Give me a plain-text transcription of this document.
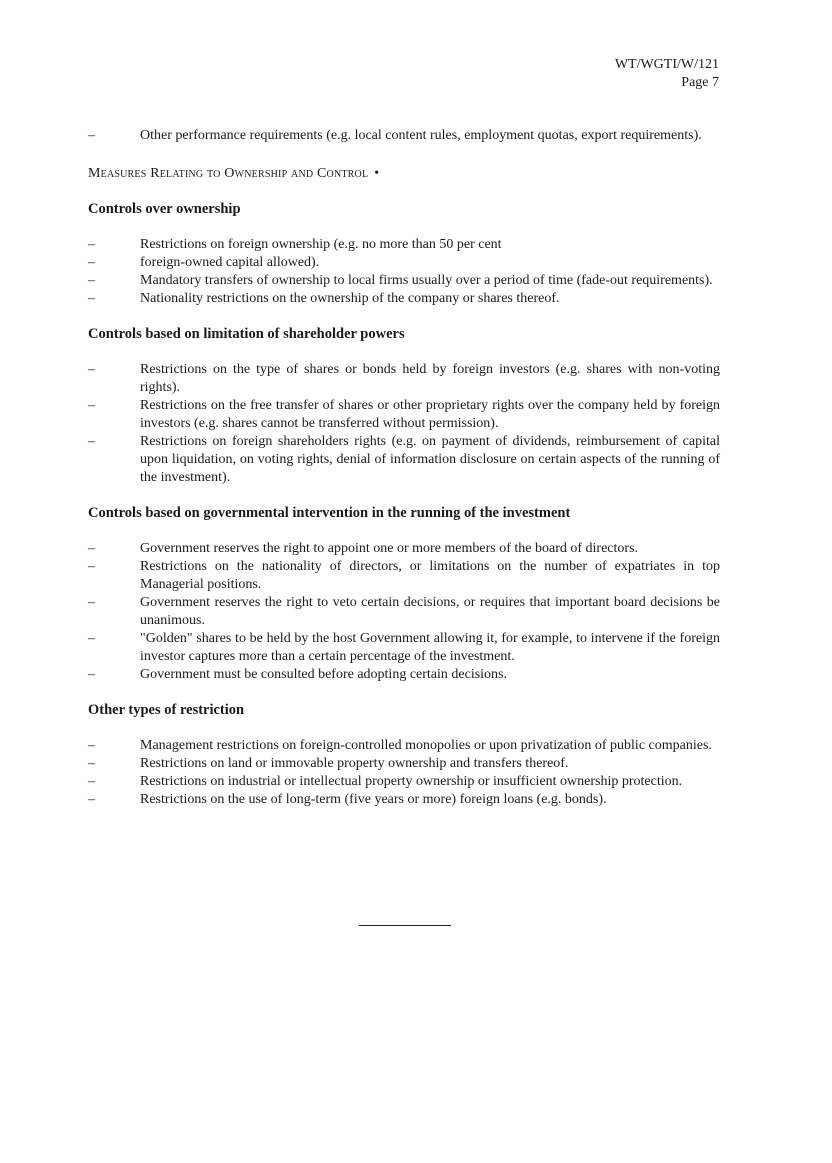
WT/WGTI/W/121
Page 7
–	Other performance requirements (e.g. local content rules, employment quotas, export requirements).
Measures Relating to Ownership and Control •
Controls over ownership
–	Restrictions on foreign ownership (e.g. no more than 50 per cent
–	foreign-owned capital allowed).
–	Mandatory transfers of ownership to local firms usually over a period of time (fade-out requirements).
–	Nationality restrictions on the ownership of the company or shares thereof.
Controls based on limitation of shareholder powers
–	Restrictions on the type of shares or bonds held by foreign investors (e.g. shares with non-voting rights).
–	Restrictions on the free transfer of shares or other proprietary rights over the company held by foreign investors (e.g. shares cannot be transferred without permission).
–	Restrictions on foreign shareholders rights (e.g. on payment of dividends, reimbursement of capital upon liquidation, on voting rights, denial of information disclosure on certain aspects of the running of the investment).
Controls based on governmental intervention in the running of the investment
–	Government reserves the right to appoint one or more members of the board of directors.
–	Restrictions on the nationality of directors, or limitations on the number of expatriates in top Managerial positions.
–	Government reserves the right to veto certain decisions, or requires that important board decisions be unanimous.
–	"Golden" shares to be held by the host Government allowing it, for example, to intervene if the foreign investor captures more than a certain percentage of the investment.
–	Government must be consulted before adopting certain decisions.
Other types of restriction
–	Management restrictions on foreign-controlled monopolies or upon privatization of public companies.
–	Restrictions on land or immovable property ownership and transfers thereof.
–	Restrictions on industrial or intellectual property ownership or insufficient ownership protection.
–	Restrictions on the use of long-term (five years or more) foreign loans (e.g. bonds).
